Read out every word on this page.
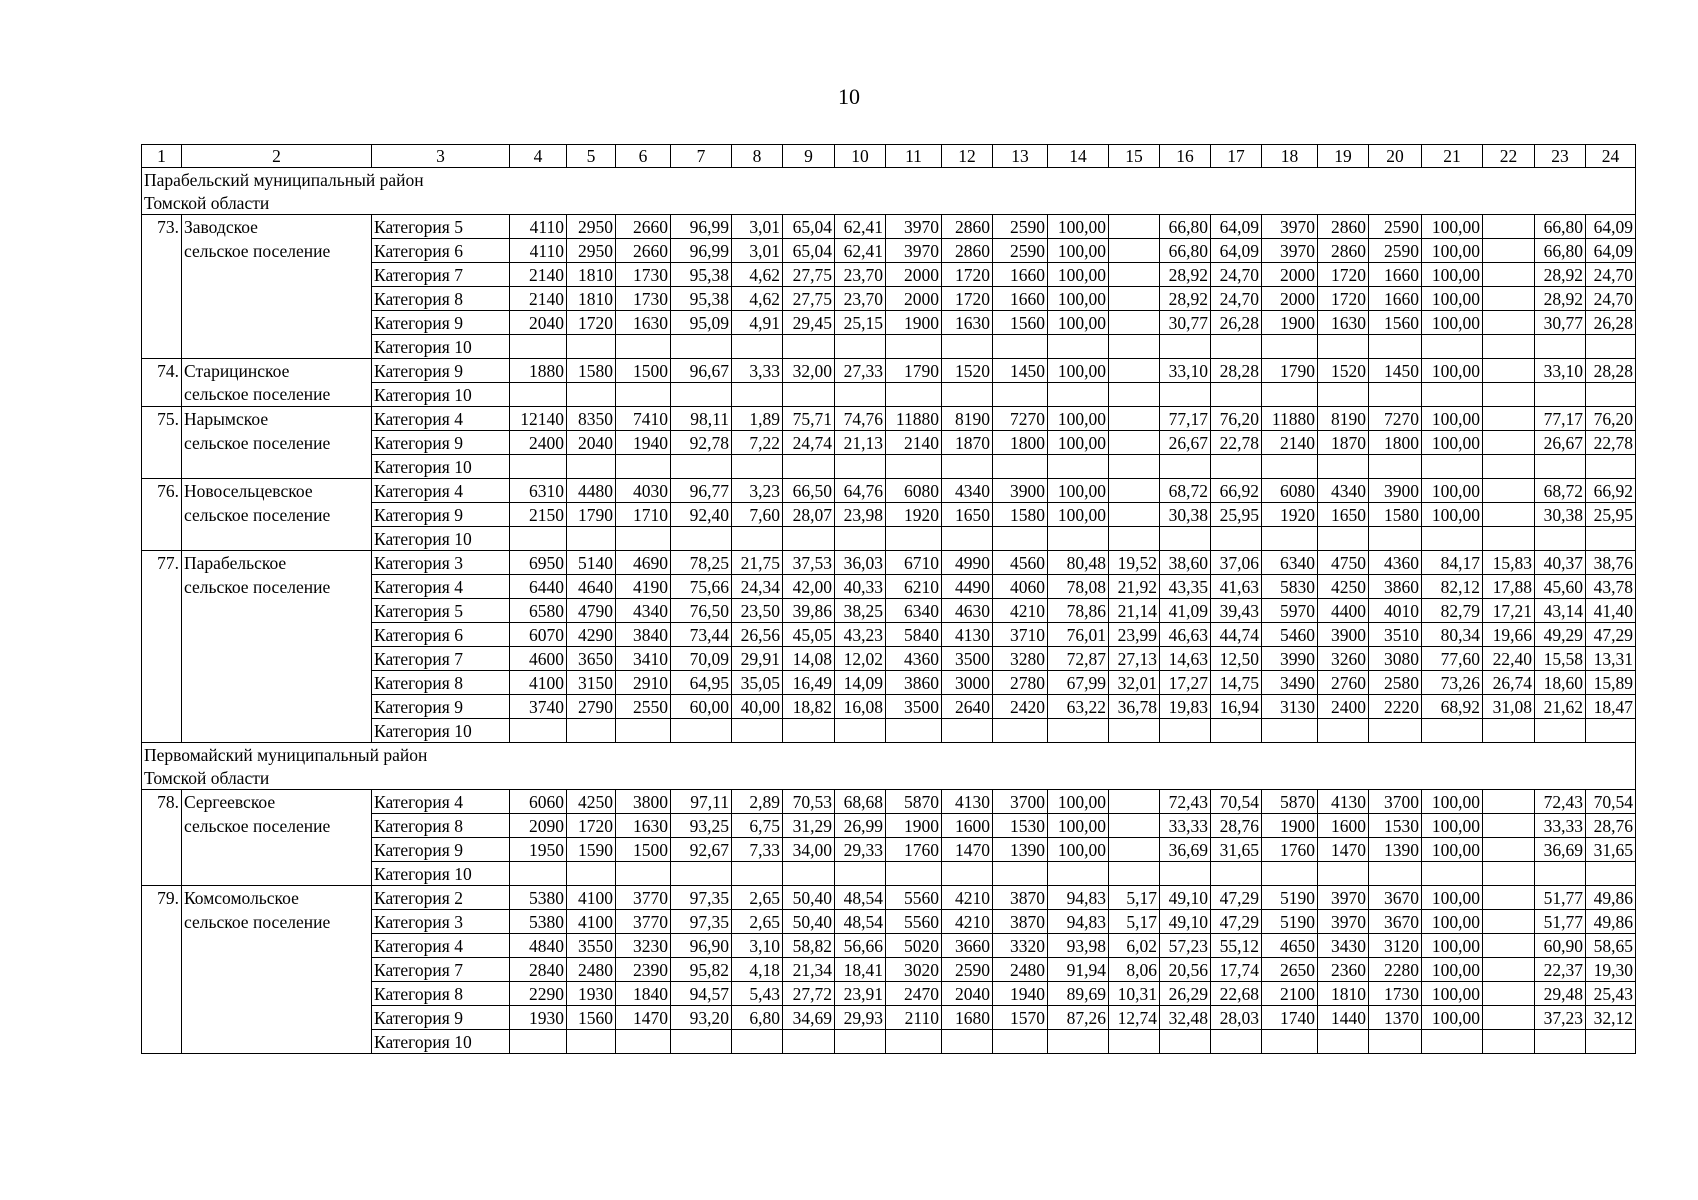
10
1	2	3	4	5	6	7	8	9	10	11	12	13	14	15	16	17	18	19	20	21	22	23	24
Парабельский муниципальный район																							
Томской области																							
73.	Заводское	Категория 5	4110	2950	2660	96,99	3,01	65,04	62,41	3970	2860	2590	100,00		66,80	64,09	3970	2860	2590	100,00		66,80	64,09
	сельское поселение	Категория 6	4110	2950	2660	96,99	3,01	65,04	62,41	3970	2860	2590	100,00		66,80	64,09	3970	2860	2590	100,00		66,80	64,09
		Категория 7	2140	1810	1730	95,38	4,62	27,75	23,70	2000	1720	1660	100,00		28,92	24,70	2000	1720	1660	100,00		28,92	24,70
		Категория 8	2140	1810	1730	95,38	4,62	27,75	23,70	2000	1720	1660	100,00		28,92	24,70	2000	1720	1660	100,00		28,92	24,70
		Категория 9	2040	1720	1630	95,09	4,91	29,45	25,15	1900	1630	1560	100,00		30,77	26,28	1900	1630	1560	100,00		30,77	26,28
		Категория 10																					
74.	Старицинское	Категория 9	1880	1580	1500	96,67	3,33	32,00	27,33	1790	1520	1450	100,00		33,10	28,28	1790	1520	1450	100,00		33,10	28,28
	сельское поселение	Категория 10																					
75.	Нарымское	Категория 4	12140	8350	7410	98,11	1,89	75,71	74,76	11880	8190	7270	100,00		77,17	76,20	11880	8190	7270	100,00		77,17	76,20
	сельское поселение	Категория 9	2400	2040	1940	92,78	7,22	24,74	21,13	2140	1870	1800	100,00		26,67	22,78	2140	1870	1800	100,00		26,67	22,78
		Категория 10																					
76.	Новосельцевское	Категория 4	6310	4480	4030	96,77	3,23	66,50	64,76	6080	4340	3900	100,00		68,72	66,92	6080	4340	3900	100,00		68,72	66,92
	сельское поселение	Категория 9	2150	1790	1710	92,40	7,60	28,07	23,98	1920	1650	1580	100,00		30,38	25,95	1920	1650	1580	100,00		30,38	25,95
		Категория 10																					
77.	Парабельское	Категория 3	6950	5140	4690	78,25	21,75	37,53	36,03	6710	4990	4560	80,48	19,52	38,60	37,06	6340	4750	4360	84,17	15,83	40,37	38,76
	сельское поселение	Категория 4	6440	4640	4190	75,66	24,34	42,00	40,33	6210	4490	4060	78,08	21,92	43,35	41,63	5830	4250	3860	82,12	17,88	45,60	43,78
		Категория 5	6580	4790	4340	76,50	23,50	39,86	38,25	6340	4630	4210	78,86	21,14	41,09	39,43	5970	4400	4010	82,79	17,21	43,14	41,40
		Категория 6	6070	4290	3840	73,44	26,56	45,05	43,23	5840	4130	3710	76,01	23,99	46,63	44,74	5460	3900	3510	80,34	19,66	49,29	47,29
		Категория 7	4600	3650	3410	70,09	29,91	14,08	12,02	4360	3500	3280	72,87	27,13	14,63	12,50	3990	3260	3080	77,60	22,40	15,58	13,31
		Категория 8	4100	3150	2910	64,95	35,05	16,49	14,09	3860	3000	2780	67,99	32,01	17,27	14,75	3490	2760	2580	73,26	26,74	18,60	15,89
		Категория 9	3740	2790	2550	60,00	40,00	18,82	16,08	3500	2640	2420	63,22	36,78	19,83	16,94	3130	2400	2220	68,92	31,08	21,62	18,47
		Категория 10																					
Первомайский муниципальный район																							
Томской области																							
78.	Сергеевское	Категория 4	6060	4250	3800	97,11	2,89	70,53	68,68	5870	4130	3700	100,00		72,43	70,54	5870	4130	3700	100,00		72,43	70,54
	сельское поселение	Категория 8	2090	1720	1630	93,25	6,75	31,29	26,99	1900	1600	1530	100,00		33,33	28,76	1900	1600	1530	100,00		33,33	28,76
		Категория 9	1950	1590	1500	92,67	7,33	34,00	29,33	1760	1470	1390	100,00		36,69	31,65	1760	1470	1390	100,00		36,69	31,65
		Категория 10																					
79.	Комсомольское	Категория 2	5380	4100	3770	97,35	2,65	50,40	48,54	5560	4210	3870	94,83	5,17	49,10	47,29	5190	3970	3670	100,00		51,77	49,86
	сельское поселение	Категория 3	5380	4100	3770	97,35	2,65	50,40	48,54	5560	4210	3870	94,83	5,17	49,10	47,29	5190	3970	3670	100,00		51,77	49,86
		Категория 4	4840	3550	3230	96,90	3,10	58,82	56,66	5020	3660	3320	93,98	6,02	57,23	55,12	4650	3430	3120	100,00		60,90	58,65
		Категория 7	2840	2480	2390	95,82	4,18	21,34	18,41	3020	2590	2480	91,94	8,06	20,56	17,74	2650	2360	2280	100,00		22,37	19,30
		Категория 8	2290	1930	1840	94,57	5,43	27,72	23,91	2470	2040	1940	89,69	10,31	26,29	22,68	2100	1810	1730	100,00		29,48	25,43
		Категория 9	1930	1560	1470	93,20	6,80	34,69	29,93	2110	1680	1570	87,26	12,74	32,48	28,03	1740	1440	1370	100,00		37,23	32,12
		Категория 10																					
